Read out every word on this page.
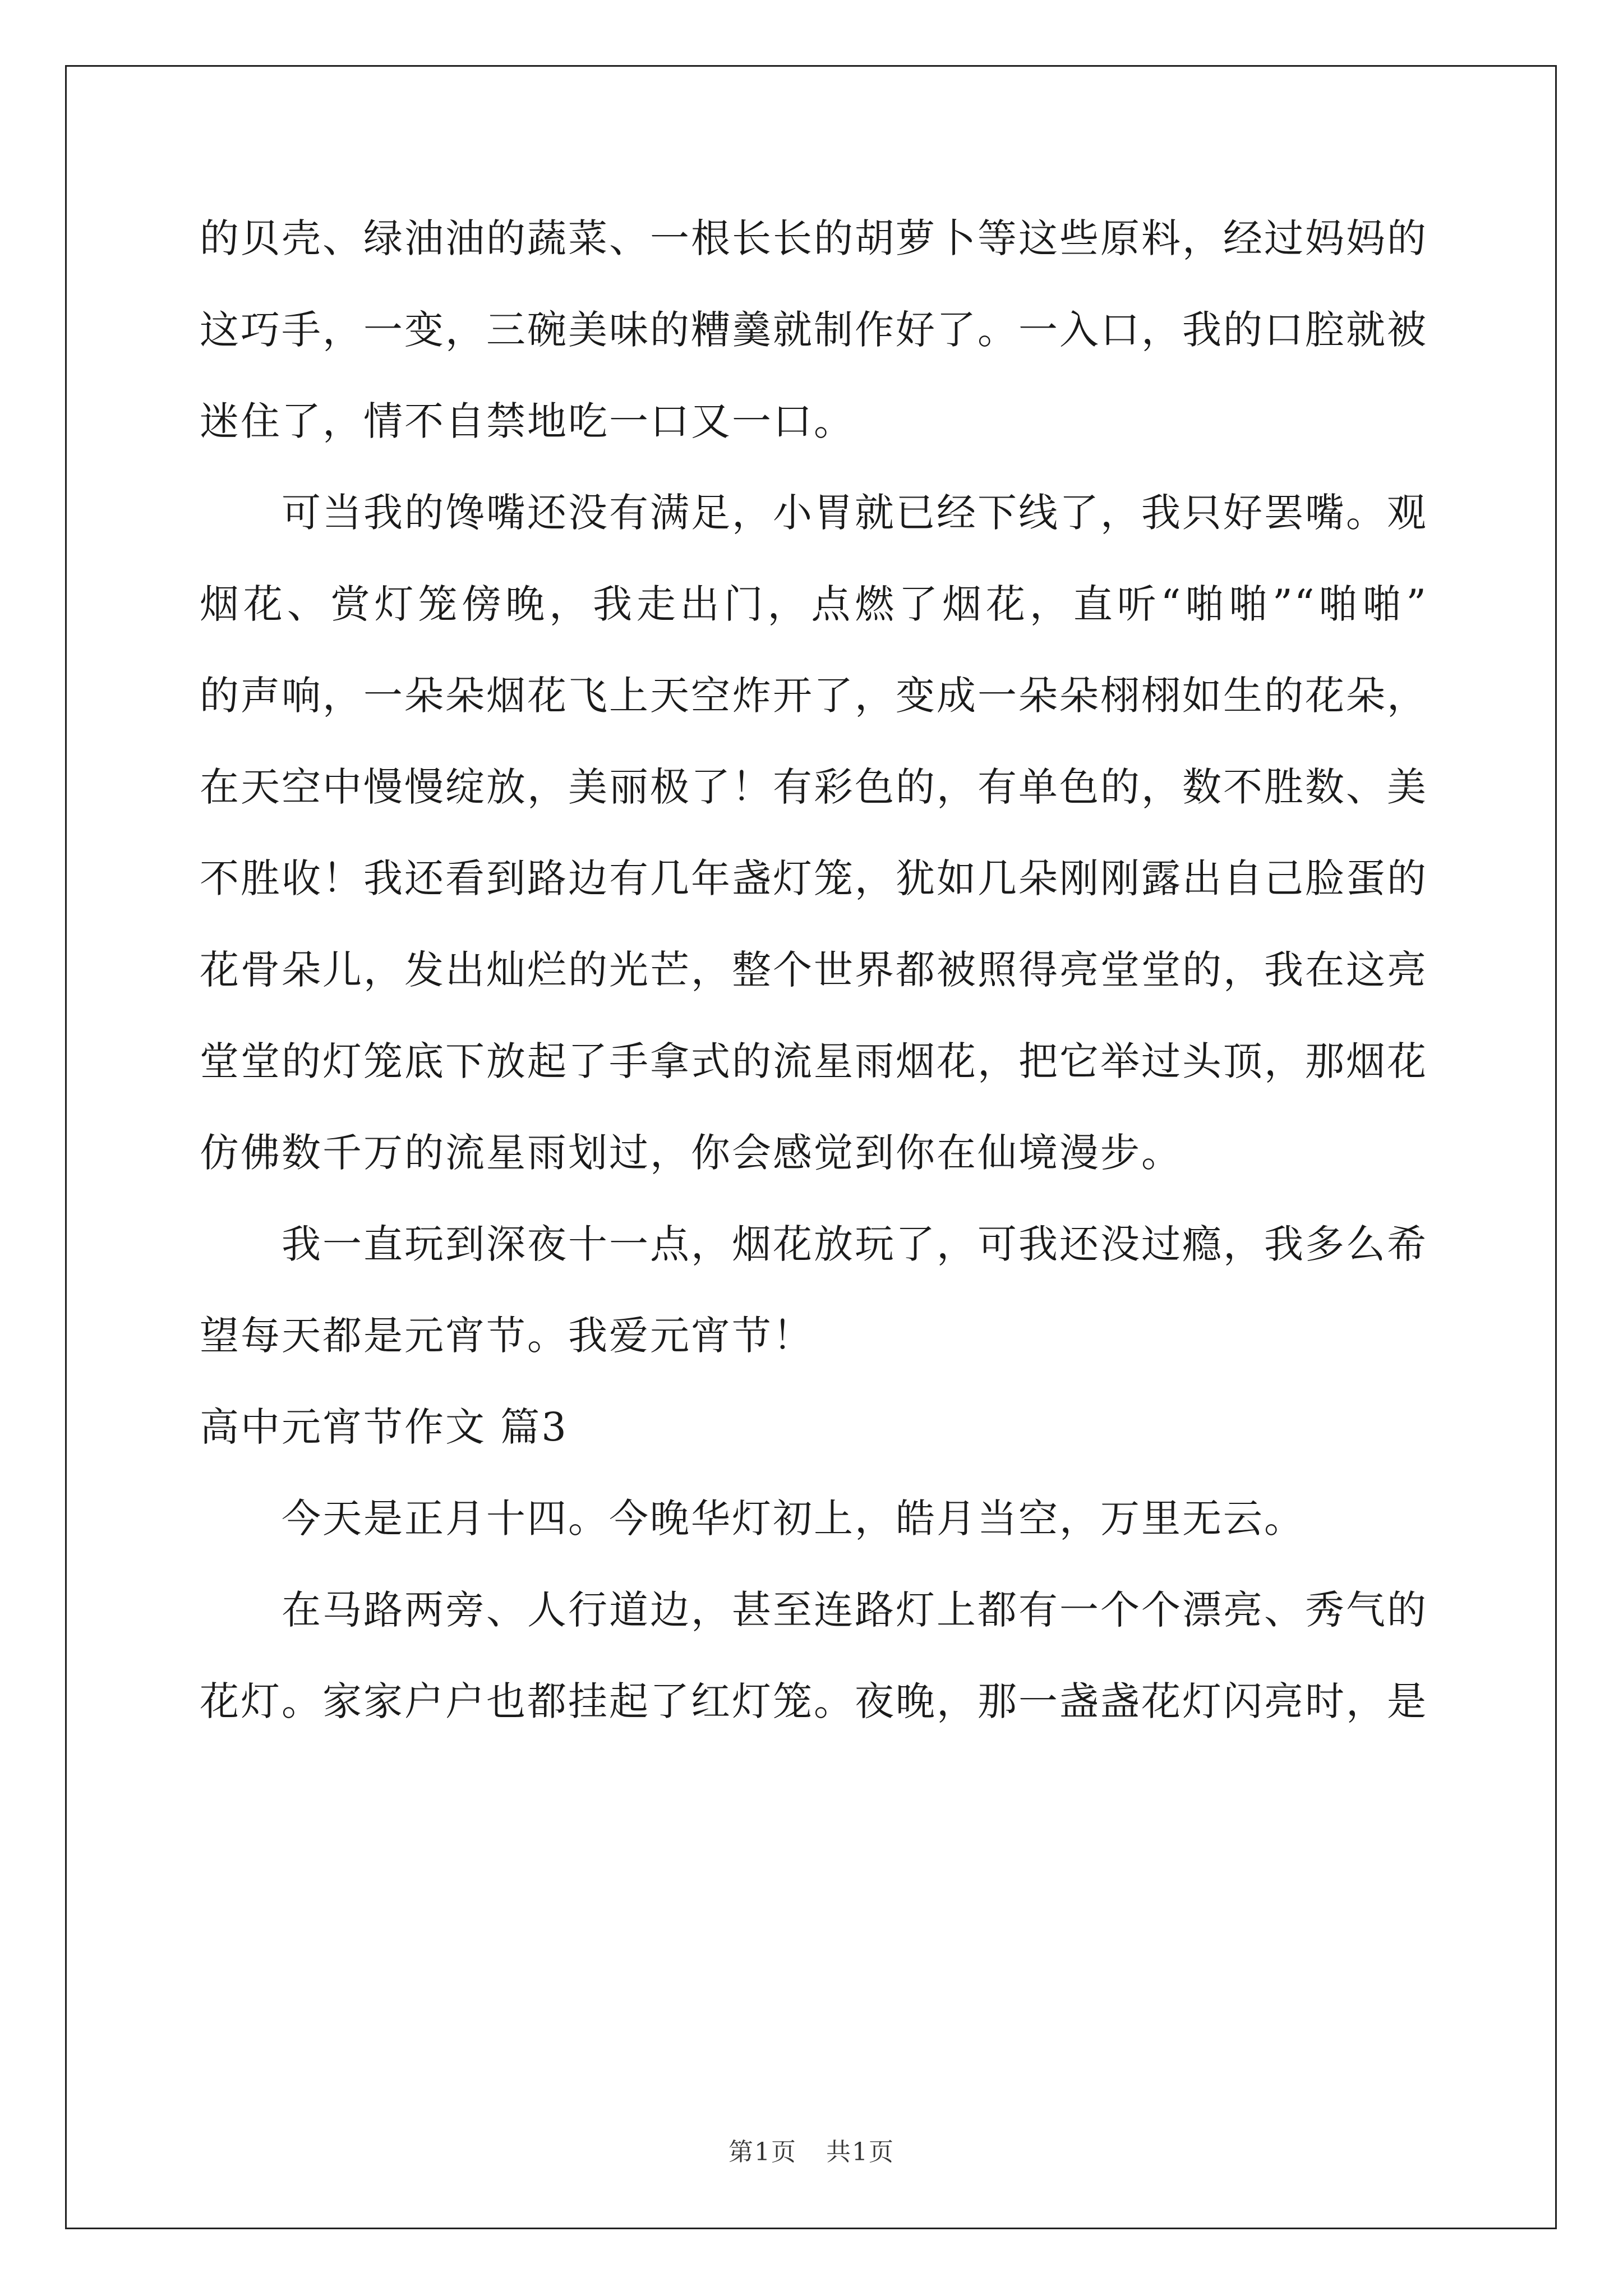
的贝壳、绿油油的蔬菜、一根长长的胡萝卜等这些原料，经过妈妈的
这巧手，一变，三碗美味的糟羹就制作好了。一入口，我的口腔就被
迷住了，情不自禁地吃一口又一口。
可当我的馋嘴还没有满足，小胃就已经下线了，我只好罢嘴。观
烟花、赏灯笼傍晚，我走出门，点燃了烟花，直听“啪啪”“啪啪”
的声响，一朵朵烟花飞上天空炸开了，变成一朵朵栩栩如生的花朵，
在天空中慢慢绽放，美丽极了！有彩色的，有单色的，数不胜数、美
不胜收！我还看到路边有几年盏灯笼，犹如几朵刚刚露出自己脸蛋的
花骨朵儿，发出灿烂的光芒，整个世界都被照得亮堂堂的，我在这亮
堂堂的灯笼底下放起了手拿式的流星雨烟花，把它举过头顶，那烟花
仿佛数千万的流星雨划过，你会感觉到你在仙境漫步。
我一直玩到深夜十一点，烟花放玩了，可我还没过瘾，我多么希
望每天都是元宵节。我爱元宵节！
高中元宵节作文 篇3
今天是正月十四。今晚华灯初上，皓月当空，万里无云。
在马路两旁、人行道边，甚至连路灯上都有一个个漂亮、秀气的
花灯。家家户户也都挂起了红灯笼。夜晚，那一盏盏花灯闪亮时，是
第1页 共1页
